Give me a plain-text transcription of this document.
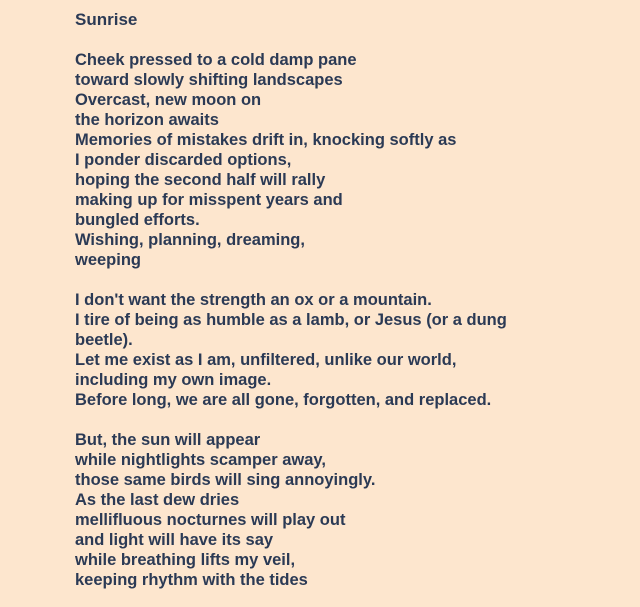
Sunrise
Cheek pressed to a cold damp pane
toward slowly shifting landscapes
Overcast, new moon on
the horizon awaits
Memories of mistakes drift in, knocking softly as
I ponder discarded options,
hoping the second half will rally
making up for misspent years and
bungled efforts.
Wishing, planning, dreaming,
weeping
I don't want the strength an ox or a mountain.
I tire of being as humble as a lamb, or Jesus (or a dung
beetle).
Let me exist as I am, unfiltered, unlike our world,
including my own image.
Before long, we are all gone, forgotten, and replaced.
But, the sun will appear
while nightlights scamper away,
those same birds will sing annoyingly.
As the last dew dries
mellifluous nocturnes will play out
and light will have its say
while breathing lifts my veil,
keeping rhythm with the tides
